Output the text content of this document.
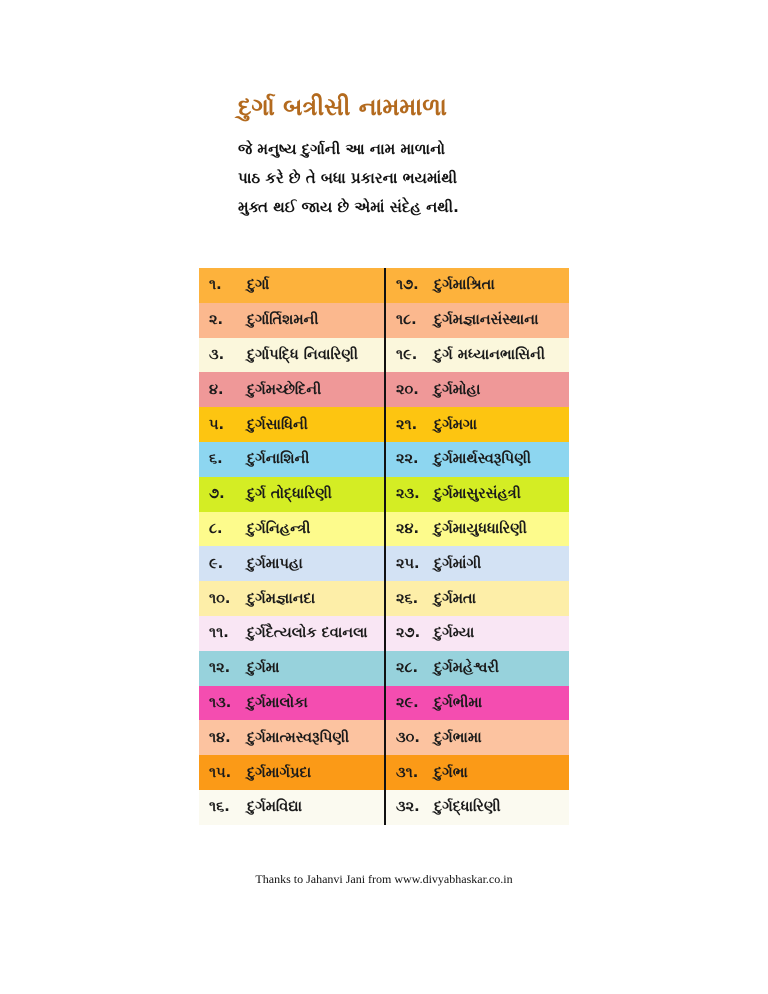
દુર્ગા બત્રીસી નામમાળા
જે મનુષ્ય દુર્ગાની આ નામ માળાનો
પાઠ કરે છે તે બધા પ્રકારના ભયમાંથી
મુક્ત થઈ જાય છે એમાં સંદેહ નથી.
૧.	દુર્ગા	૧૭.	દુર્ગમાશ્રિતા
૨.	દુર્ગાર્તિશમની	૧૮.	દુર્ગમજ્ઞાનસંસ્થાના
૩.	દુર્ગાપદ્ધિ નિવારિણી	૧૯.	દુર્ગ મધ્યાનભાસિની
૪.	દુર્ગમચ્છેદિની	૨૦.	દુર્ગમોહા
૫.	દુર્ગસાધિની	૨૧.	દુર્ગમગા
૬.	દુર્ગનાશિની	૨૨.	દુર્ગમાર્થસ્વરૂપિણી
૭.	દુર્ગ તોદ્ધારિણી	૨૩. દુર્ગમાસુરસંહત્રી
૮.	દુર્ગનિહન્ત્રી	૨૪.	દુર્ગમાયુધધારિણી
૯.	દુર્ગમાપહા	૨૫. દુર્ગમાંગી
૧૦.	દુર્ગમજ્ઞાનદા	૨૬.	દુર્ગમતા
૧૧.	દુર્ગદૈત્યલોક દવાનલા ૨૭. દુર્ગમ્યા
૧૨.	દુર્ગમા	૨૮.	દુર્ગમહેશ્વરી
૧૩.	દુર્ગમાલોકા	૨૯.	દુર્ગભીમા
૧૪.	દુર્ગમાત્મસ્વરૂપિણી	૩૦. દુર્ગભામા
૧૫.	દુર્ગમાર્ગપ્રદા	૩૧.	દુર્ગભા
૧૬.	દુર્ગમવિદ્યા	૩૨. દુર્ગદ્ધારિણી
Thanks to Jahanvi Jani from www.divyabhaskar.co.in
